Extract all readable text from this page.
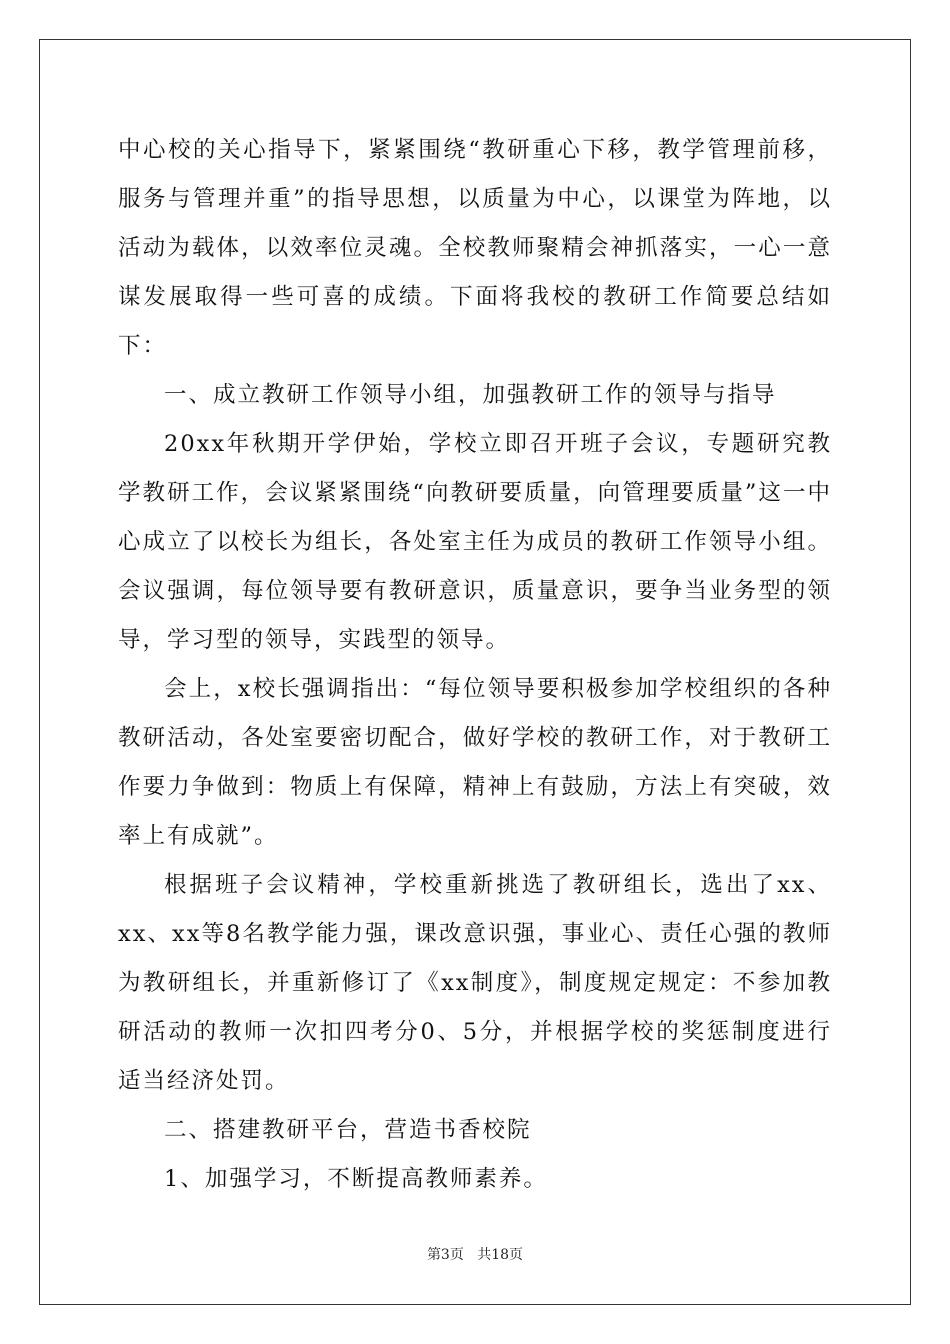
中心校的关心指导下，紧紧围绕“教研重心下移，教学管理前移，服务与管理并重”的指导思想，以质量为中心，以课堂为阵地，以活动为载体，以效率位灵魂。全校教师聚精会神抓落实，一心一意谋发展取得一些可喜的成绩。下面将我校的教研工作简要总结如下：

一、成立教研工作领导小组，加强教研工作的领导与指导

20xx年秋期开学伊始，学校立即召开班子会议，专题研究教学教研工作，会议紧紧围绕“向教研要质量，向管理要质量”这一中心成立了以校长为组长，各处室主任为成员的教研工作领导小组。会议强调，每位领导要有教研意识，质量意识，要争当业务型的领导，学习型的领导，实践型的领导。

会上，x校长强调指出：“每位领导要积极参加学校组织的各种教研活动，各处室要密切配合，做好学校的教研工作，对于教研工作要力争做到：物质上有保障，精神上有鼓励，方法上有突破，效率上有成就”。

根据班子会议精神，学校重新挑选了教研组长，选出了xx、xx、xx等8名教学能力强，课改意识强，事业心、责任心强的教师为教研组长，并重新修订了《xx制度》，制度规定规定：不参加教研活动的教师一次扣四考分0、5分，并根据学校的奖惩制度进行适当经济处罚。

二、搭建教研平台，营造书香校院

1、加强学习，不断提高教师素养。

第3页 共18页
